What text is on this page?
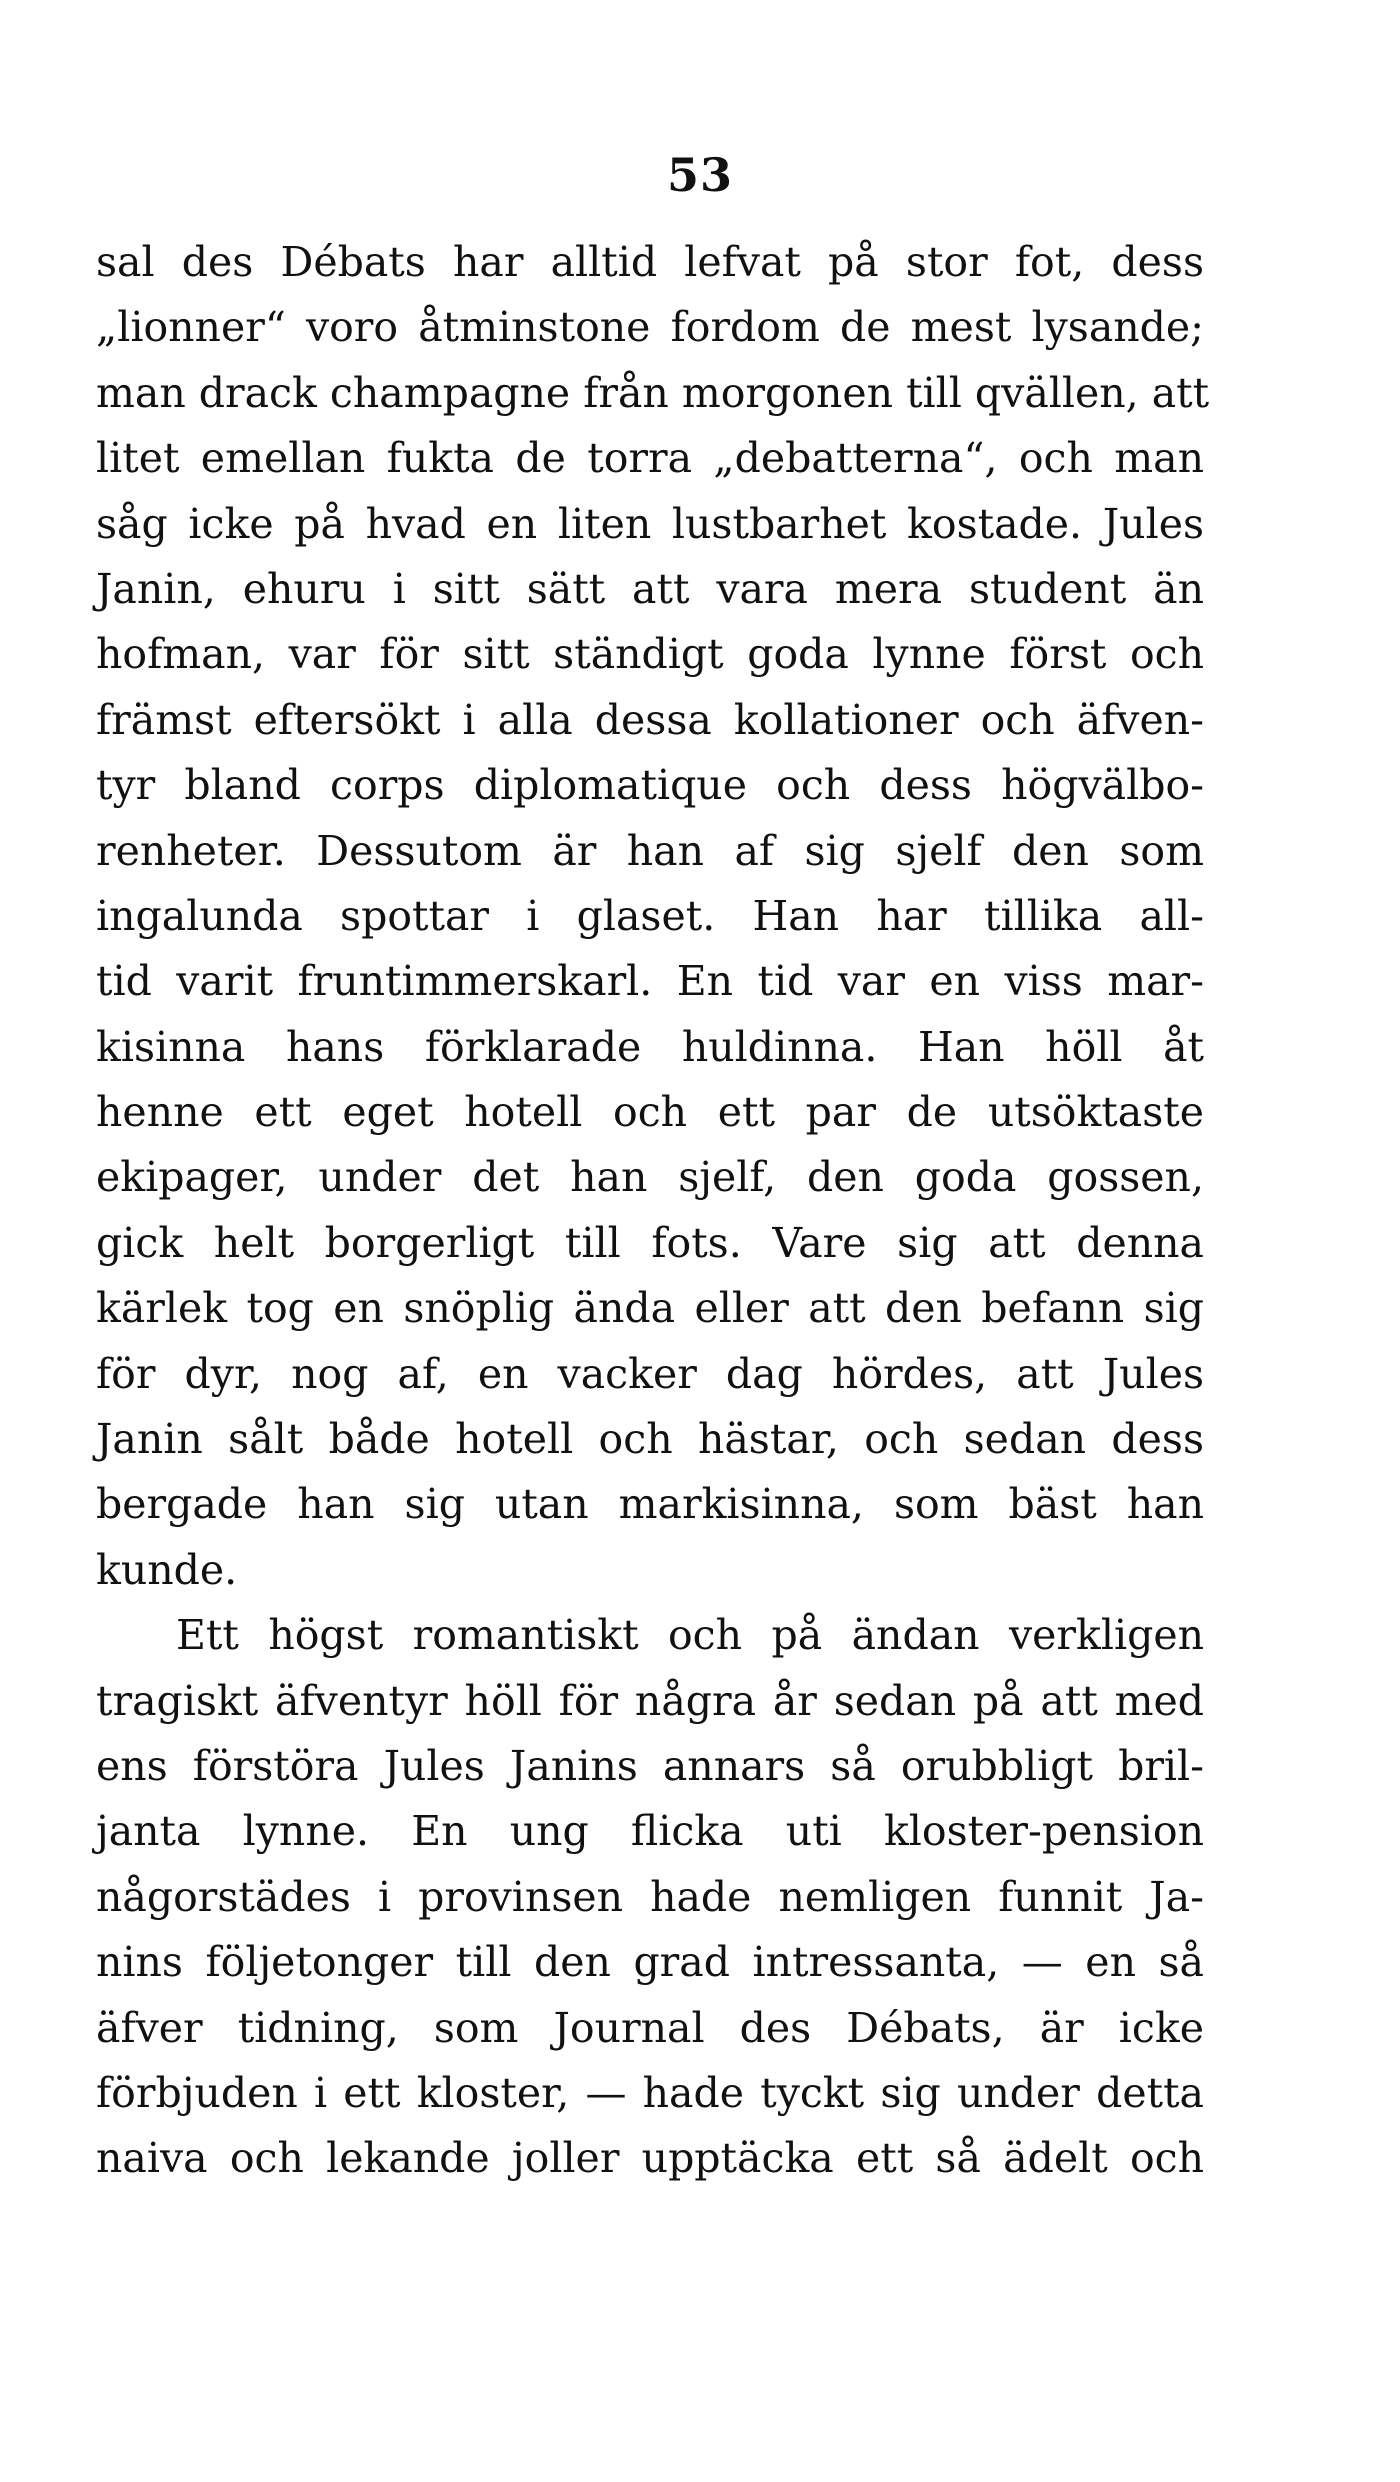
53
sal des Débats har alltid lefvat på stor fot, dess
„lionner“ voro åtminstone fordom de mest lysande;
man drack champagne från morgonen till qvällen, att
litet emellan fukta de torra „debatterna“, och man
såg icke på hvad en liten lustbarhet kostade. Jules
Janin, ehuru i sitt sätt att vara mera student än
hofman, var för sitt ständigt goda lynne först och
främst eftersökt i alla dessa kollationer och äfven-
tyr bland corps diplomatique och dess högvälbo-
renheter. Dessutom är han af sig sjelf den som
ingalunda spottar i glaset. Han har tillika all-
tid varit fruntimmerskarl. En tid var en viss mar-
kisinna hans förklarade huldinna. Han höll åt
henne ett eget hotell och ett par de utsöktaste
ekipager, under det han sjelf, den goda gossen,
gick helt borgerligt till fots. Vare sig att denna
kärlek tog en snöplig ända eller att den befann sig
för dyr, nog af, en vacker dag hördes, att Jules
Janin sålt både hotell och hästar, och sedan dess
bergade han sig utan markisinna, som bäst han
kunde.
Ett högst romantiskt och på ändan verkligen
tragiskt äfventyr höll för några år sedan på att med
ens förstöra Jules Janins annars så orubbligt bril-
janta lynne. En ung flicka uti kloster-pension
någorstädes i provinsen hade nemligen funnit Ja-
nins följetonger till den grad intressanta, — en så
äfver tidning, som Journal des Débats, är icke
förbjuden i ett kloster, — hade tyckt sig under detta
naiva och lekande joller upptäcka ett så ädelt och
